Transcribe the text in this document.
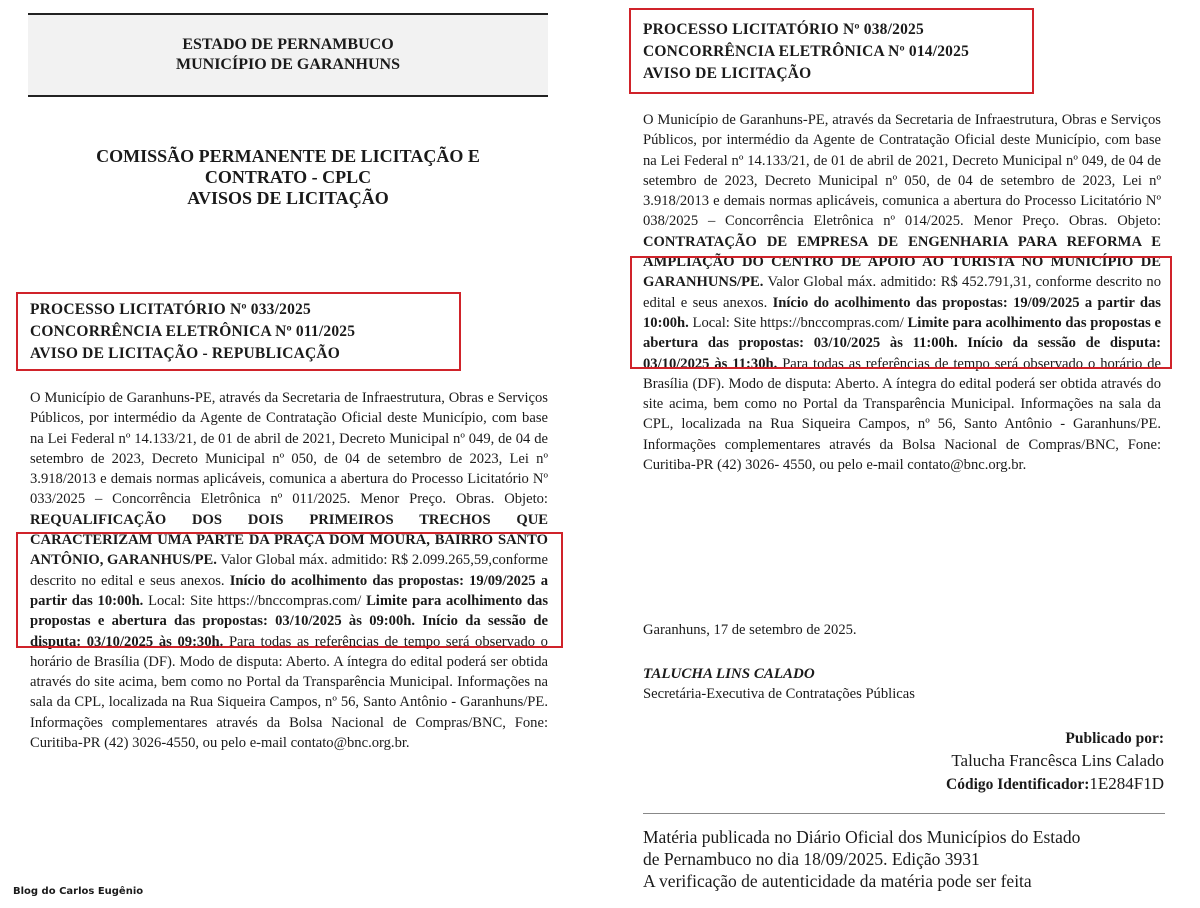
ESTADO DE PERNAMBUCO
MUNICÍPIO DE GARANHUNS
COMISSÃO PERMANENTE DE LICITAÇÃO E
CONTRATO - CPLC
AVISOS DE LICITAÇÃO
PROCESSO LICITATÓRIO Nº 033/2025
CONCORRÊNCIA ELETRÔNICA Nº 011/2025
AVISO DE LICITAÇÃO - REPUBLICAÇÃO
O Município de Garanhuns-PE, através da Secretaria de Infraestrutura, Obras e Serviços Públicos, por intermédio da Agente de Contratação Oficial deste Município, com base na Lei Federal nº 14.133/21, de 01 de abril de 2021, Decreto Municipal nº 049, de 04 de setembro de 2023, Decreto Municipal nº 050, de 04 de setembro de 2023, Lei nº 3.918/2013 e demais normas aplicáveis, comunica a abertura do Processo Licitatório Nº 033/2025 – Concorrência Eletrônica nº 011/2025. Menor Preço. Obras. Objeto: REQUALIFICAÇÃO DOS DOIS PRIMEIROS TRECHOS QUE CARACTERIZAM UMA PARTE DA PRAÇA DOM MOURA, BAIRRO SANTO ANTÔNIO, GARANHUS/PE. Valor Global máx. admitido: R$ 2.099.265,59,conforme descrito no edital e seus anexos. Início do acolhimento das propostas: 19/09/2025 a partir das 10:00h. Local: Site https://bnccompras.com/ Limite para acolhimento das propostas e abertura das propostas: 03/10/2025 às 09:00h. Início da sessão de disputa: 03/10/2025 às 09:30h. Para todas as referências de tempo será observado o horário de Brasília (DF). Modo de disputa: Aberto. A íntegra do edital poderá ser obtida através do site acima, bem como no Portal da Transparência Municipal. Informações na sala da CPL, localizada na Rua Siqueira Campos, nº 56, Santo Antônio - Garanhuns/PE. Informações complementares através da Bolsa Nacional de Compras/BNC, Fone: Curitiba-PR (42) 3026-4550, ou pelo e-mail contato@bnc.org.br.
Blog do Carlos Eugênio
PROCESSO LICITATÓRIO Nº 038/2025
CONCORRÊNCIA ELETRÔNICA Nº 014/2025
AVISO DE LICITAÇÃO
O Município de Garanhuns-PE, através da Secretaria de Infraestrutura, Obras e Serviços Públicos, por intermédio da Agente de Contratação Oficial deste Município, com base na Lei Federal nº 14.133/21, de 01 de abril de 2021, Decreto Municipal nº 049, de 04 de setembro de 2023, Decreto Municipal nº 050, de 04 de setembro de 2023, Lei nº 3.918/2013 e demais normas aplicáveis, comunica a abertura do Processo Licitatório Nº 038/2025 – Concorrência Eletrônica nº 014/2025. Menor Preço. Obras. Objeto: CONTRATAÇÃO DE EMPRESA DE ENGENHARIA PARA REFORMA E AMPLIAÇÃO DO CENTRO DE APOIO AO TURISTA NO MUNICÍPIO DE GARANHUNS/PE. Valor Global máx. admitido: R$ 452.791,31, conforme descrito no edital e seus anexos. Início do acolhimento das propostas: 19/09/2025 a partir das 10:00h. Local: Site https://bnccompras.com/ Limite para acolhimento das propostas e abertura das propostas: 03/10/2025 às 11:00h. Início da sessão de disputa: 03/10/2025 às 11:30h. Para todas as referências de tempo será observado o horário de Brasília (DF). Modo de disputa: Aberto. A íntegra do edital poderá ser obtida através do site acima, bem como no Portal da Transparência Municipal. Informações na sala da CPL, localizada na Rua Siqueira Campos, nº 56, Santo Antônio - Garanhuns/PE. Informações complementares através da Bolsa Nacional de Compras/BNC, Fone: Curitiba-PR (42) 3026- 4550, ou pelo e-mail contato@bnc.org.br.
Garanhuns, 17 de setembro de 2025.
TALUCHA LINS CALADO
Secretária-Executiva de Contratações Públicas
Publicado por:
Talucha Francêsca Lins Calado
Código Identificador:1E284F1D
Matéria publicada no Diário Oficial dos Municípios do Estado
de Pernambuco no dia 18/09/2025. Edição 3931
A verificação de autenticidade da matéria pode ser feita
